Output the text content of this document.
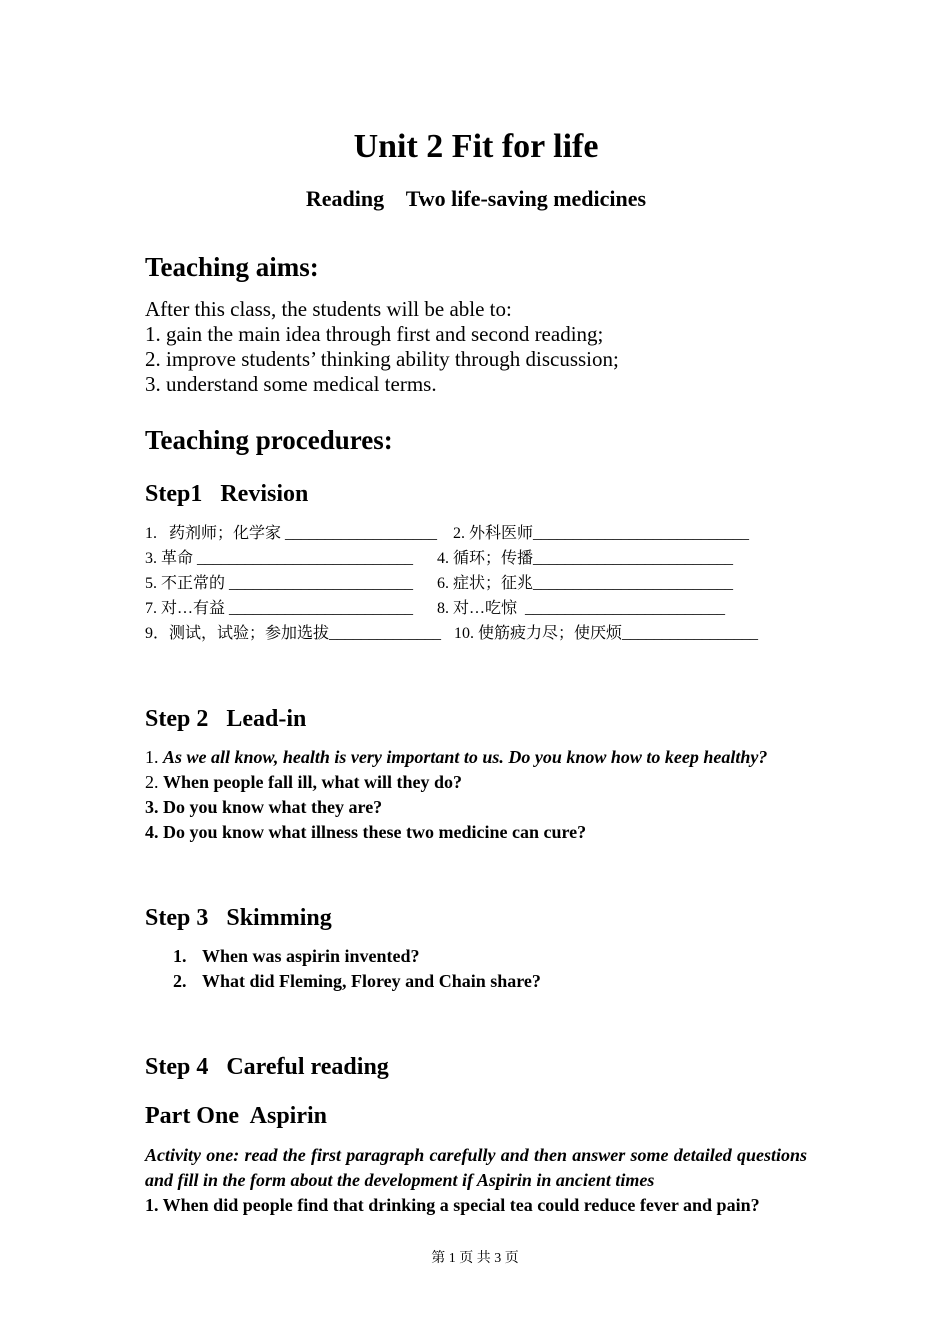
Unit 2 Fit for life
Reading    Two life-saving medicines
Teaching aims:
After this class, the students will be able to:
1. gain the main idea through first and second reading;
2. improve students’ thinking ability through discussion;
3. understand some medical terms.
Teaching procedures:
Step1   Revision
1.   药剂师；化学家 ___________________ 2. 外科医师___________________________
3. 革命 ___________________________ 4. 循环；传播_________________________
5. 不正常的 _______________________ 6. 症状；征兆_________________________
7. 对…有益 _______________________ 8. 对…吃惊  _________________________
9．测试，试验；参加选拔______________ 10. 使筋疲力尽；使厌烦_________________
Step 2   Lead-in
1. As we all know, health is very important to us. Do you know how to keep healthy?
2. When people fall ill, what will they do?
3. Do you know what they are?
4. Do you know what illness these two medicine can cure?
Step 3   Skimming
1. When was aspirin invented?
2. What did Fleming, Florey and Chain share?
Step 4   Careful reading
Part One  Aspirin
Activity one: read the first paragraph carefully and then answer some detailed questions and fill in the form about the development if Aspirin in ancient times
1. When did people find that drinking a special tea could reduce fever and pain?
第 1 页 共 3 页
